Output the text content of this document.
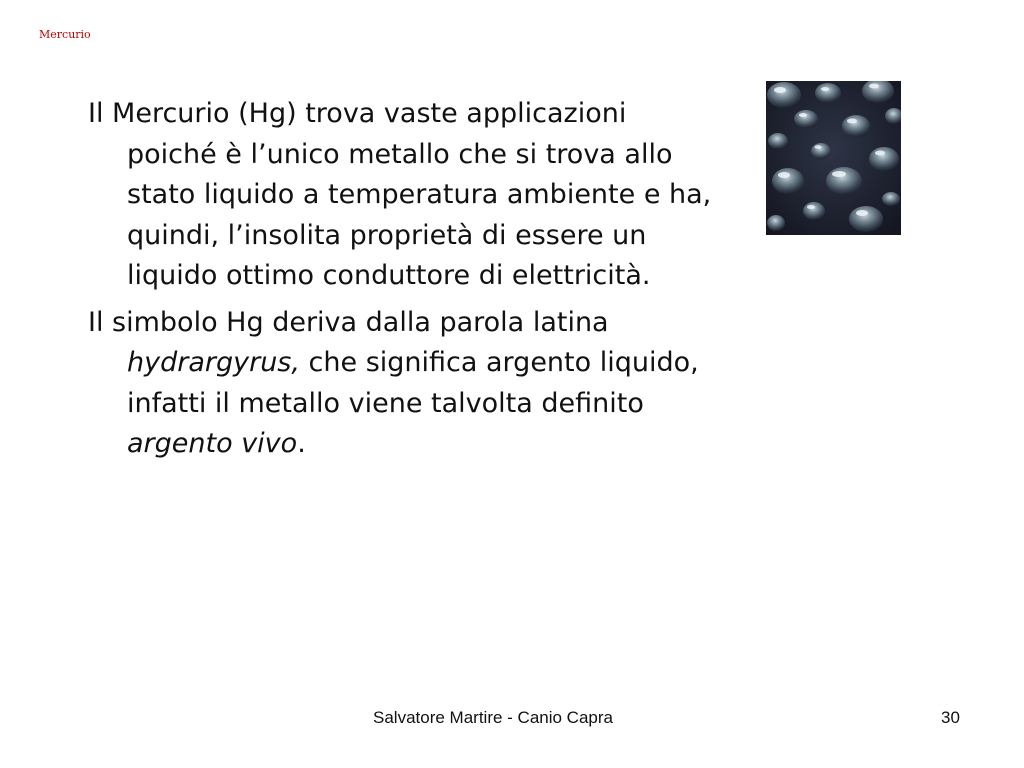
Mercurio

Il Mercurio (Hg) trova vaste applicazioni poiché è l’unico metallo che si trova allo stato liquido a temperatura ambiente e ha, quindi, l’insolita proprietà di essere un liquido ottimo conduttore di elettricità.

Il simbolo Hg deriva dalla parola latina hydrargyrus, che significa argento liquido, infatti il metallo viene talvolta definito argento vivo.

Salvatore Martire - Canio Capra	30
